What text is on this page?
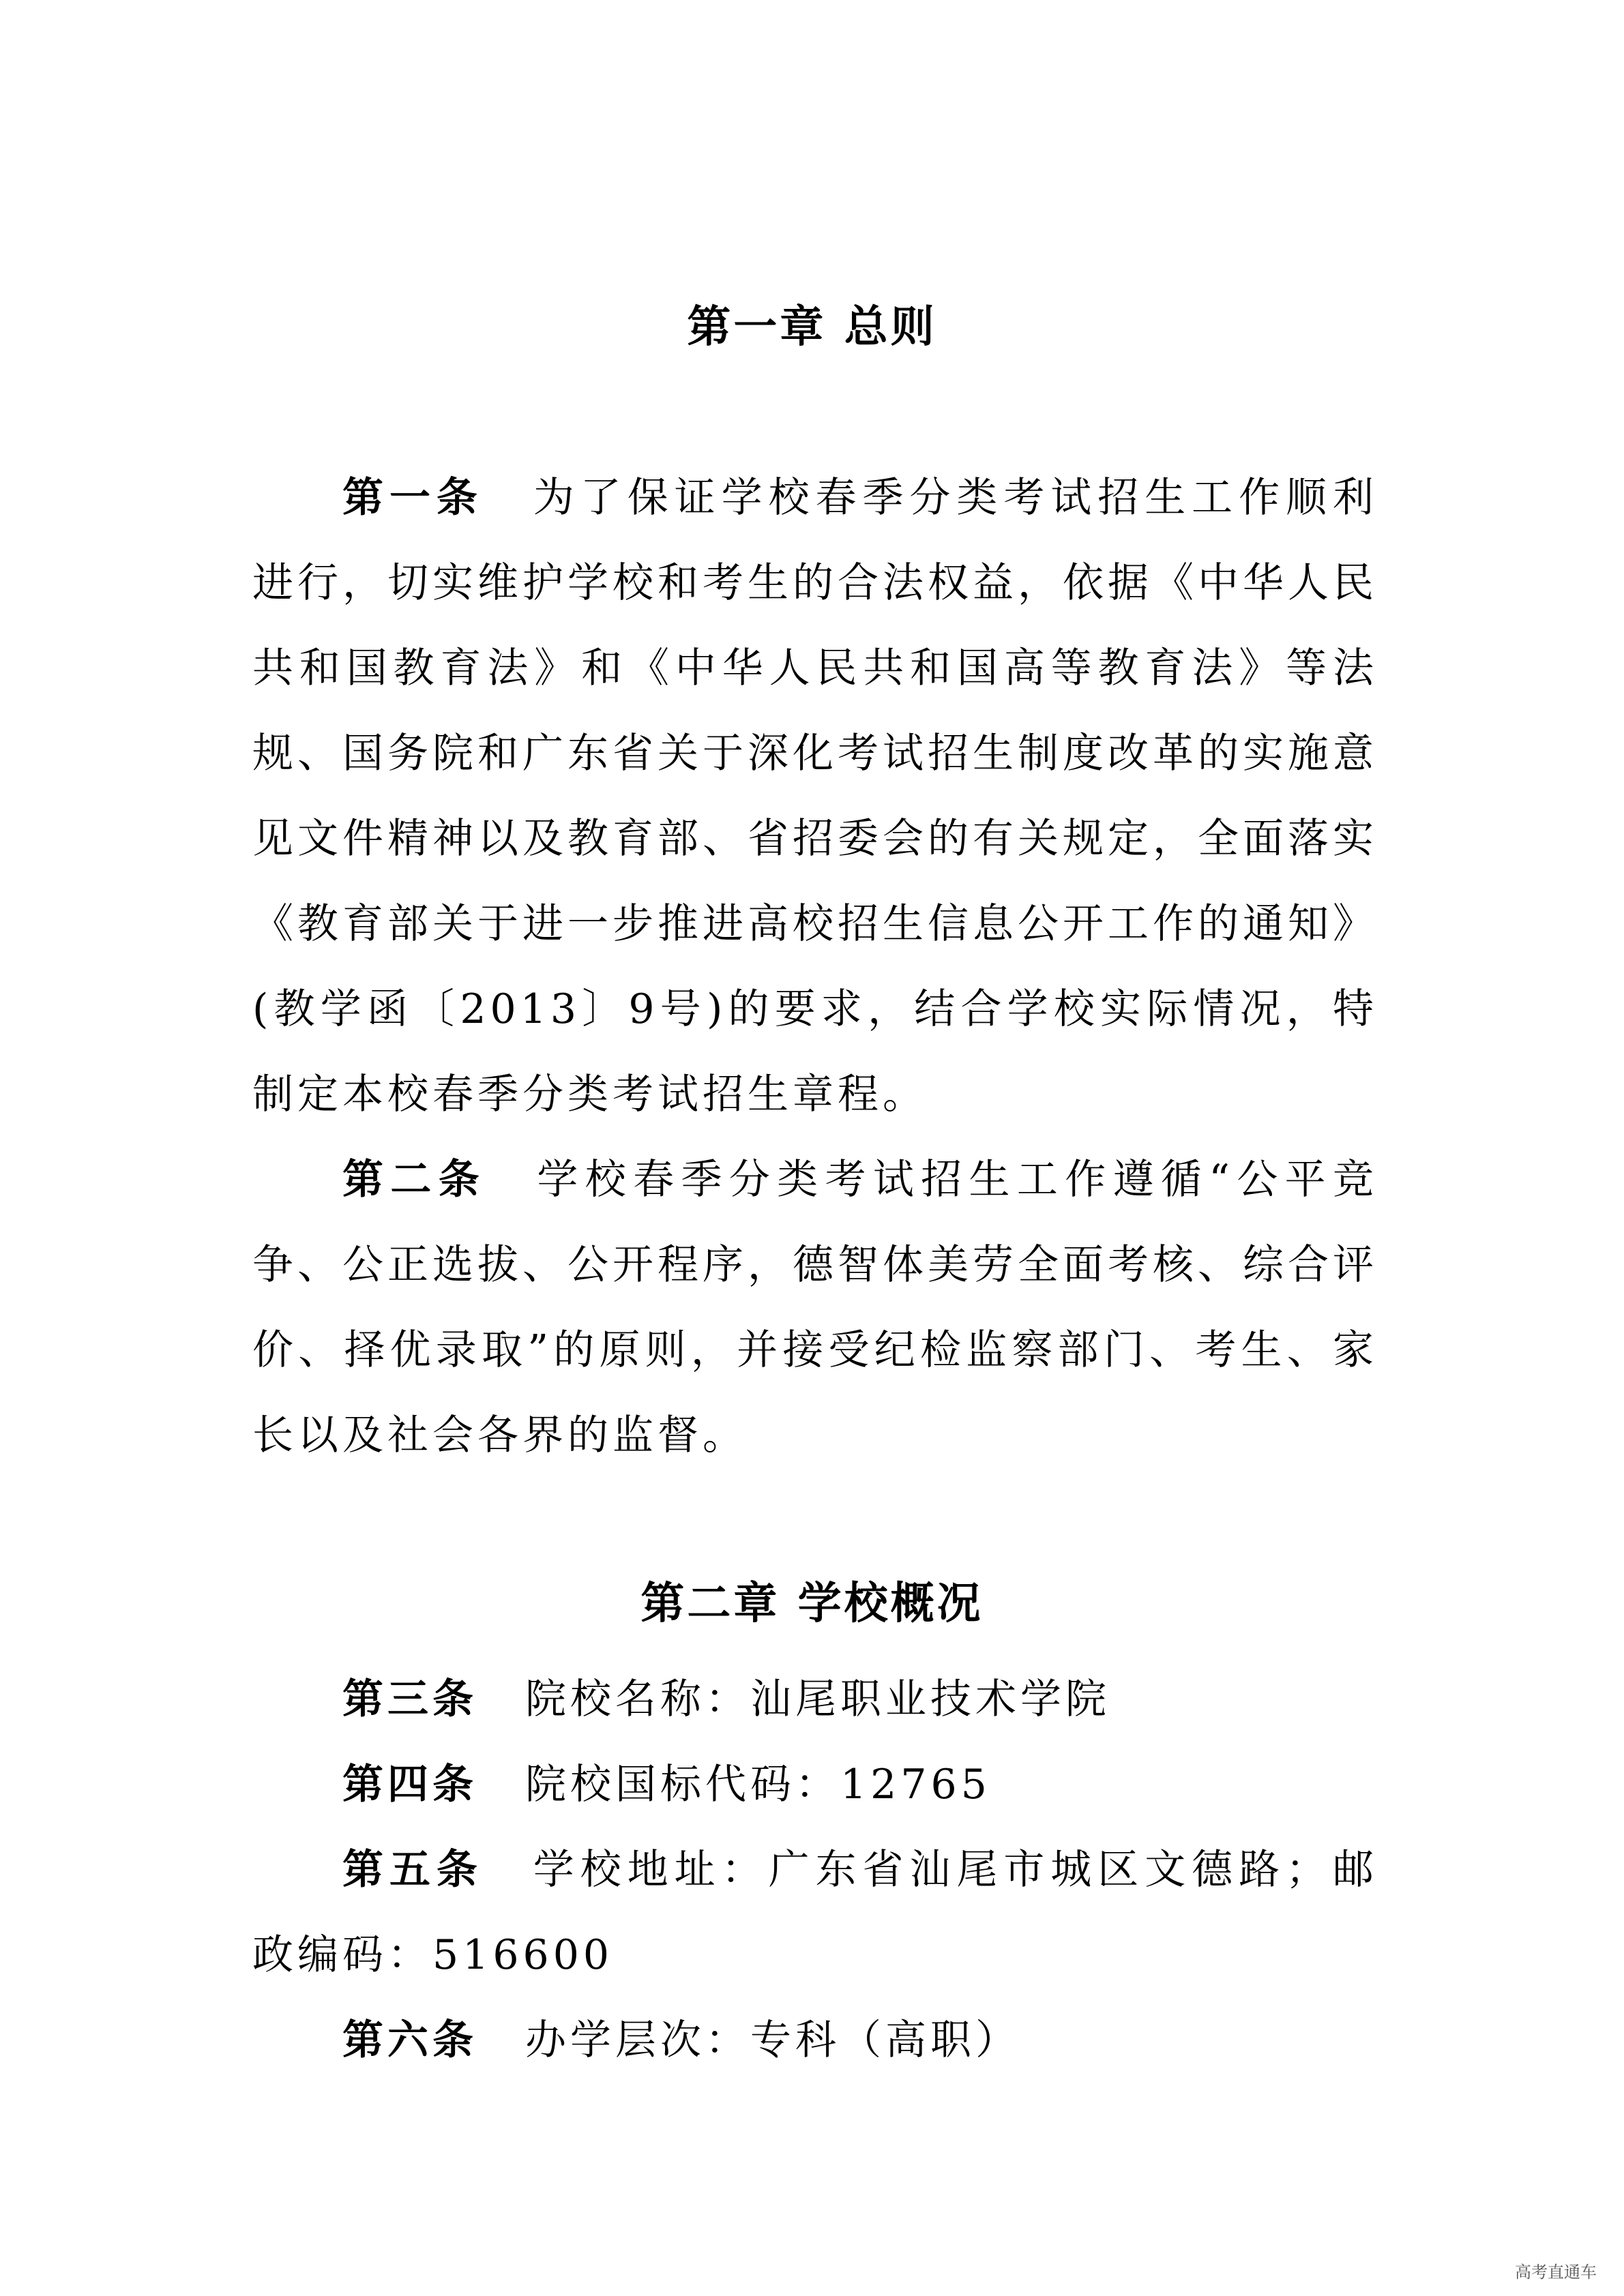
第一章 总则
第一条 为了保证学校春季分类考试招生工作顺利进行，切实维护学校和考生的合法权益，依据《中华人民共和国教育法》和《中华人民共和国高等教育法》等法规、国务院和广东省关于深化考试招生制度改革的实施意见文件精神以及教育部、省招委会的有关规定，全面落实《教育部关于进一步推进高校招生信息公开工作的通知》(教学函〔2013〕9号)的要求，结合学校实际情况，特制定本校春季分类考试招生章程。
第二条 学校春季分类考试招生工作遵循“公平竞争、公正选拔、公开程序，德智体美劳全面考核、综合评价、择优录取”的原则，并接受纪检监察部门、考生、家长以及社会各界的监督。
第二章 学校概况
第三条 院校名称：汕尾职业技术学院
第四条 院校国标代码：12765
第五条 学校地址：广东省汕尾市城区文德路；邮政编码：516600
第六条 办学层次：专科（高职）
高考直通车
